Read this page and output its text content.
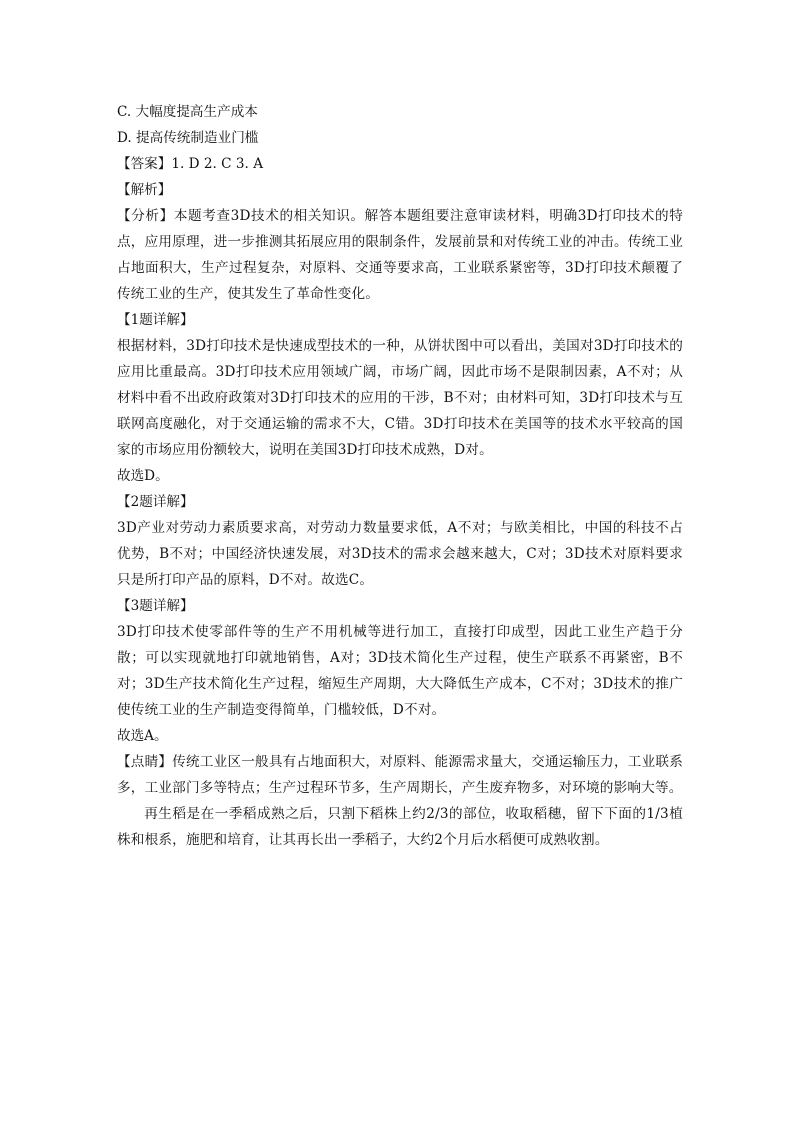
C. 大幅度提高生产成本
D. 提高传统制造业门槛
【答案】1. D 2. C 3. A
【解析】

【分析】本题考查3D技术的相关知识。解答本题组要注意审读材料，明确3D打印技术的特点，应用原理，进一步推测其拓展应用的限制条件，发展前景和对传统工业的冲击。传统工业占地面积大，生产过程复杂，对原料、交通等要求高，工业联系紧密等，3D打印技术颠覆了传统工业的生产，使其发生了革命性变化。

【1题详解】

根据材料，3D打印技术是快速成型技术的一种，从饼状图中可以看出，美国对3D打印技术的应用比重最高。3D打印技术应用领域广阔，市场广阔，因此市场不是限制因素，A不对；从材料中看不出政府政策对3D打印技术的应用的干涉，B不对；由材料可知，3D打印技术与互联网高度融化，对于交通运输的需求不大，C错。3D打印技术在美国等的技术水平较高的国家的市场应用份额较大，说明在美国3D打印技术成熟，D对。

故选D。
【2题详解】

3D产业对劳动力素质要求高，对劳动力数量要求低，A不对；与欧美相比，中国的科技不占优势，B不对；中国经济快速发展，对3D技术的需求会越来越大，C对；3D技术对原料要求只是所打印产品的原料，D不对。故选C。

【3题详解】

3D打印技术使零部件等的生产不用机械等进行加工，直接打印成型，因此工业生产趋于分散；可以实现就地打印就地销售，A对；3D技术简化生产过程，使生产联系不再紧密，B不对；3D生产技术简化生产过程，缩短生产周期，大大降低生产成本，C不对；3D技术的推广使传统工业的生产制造变得简单，门槛较低，D不对。

故选A。

【点睛】传统工业区一般具有占地面积大，对原料、能源需求量大，交通运输压力，工业联系多，工业部门多等特点；生产过程环节多，生产周期长，产生废弃物多，对环境的影响大等。

再生稻是在一季稻成熟之后，只割下稻株上约2/3的部位，收取稻穗，留下下面的1/3植株和根系，施肥和培育，让其再长出一季稻子，大约2个月后水稻便可成熟收割。
